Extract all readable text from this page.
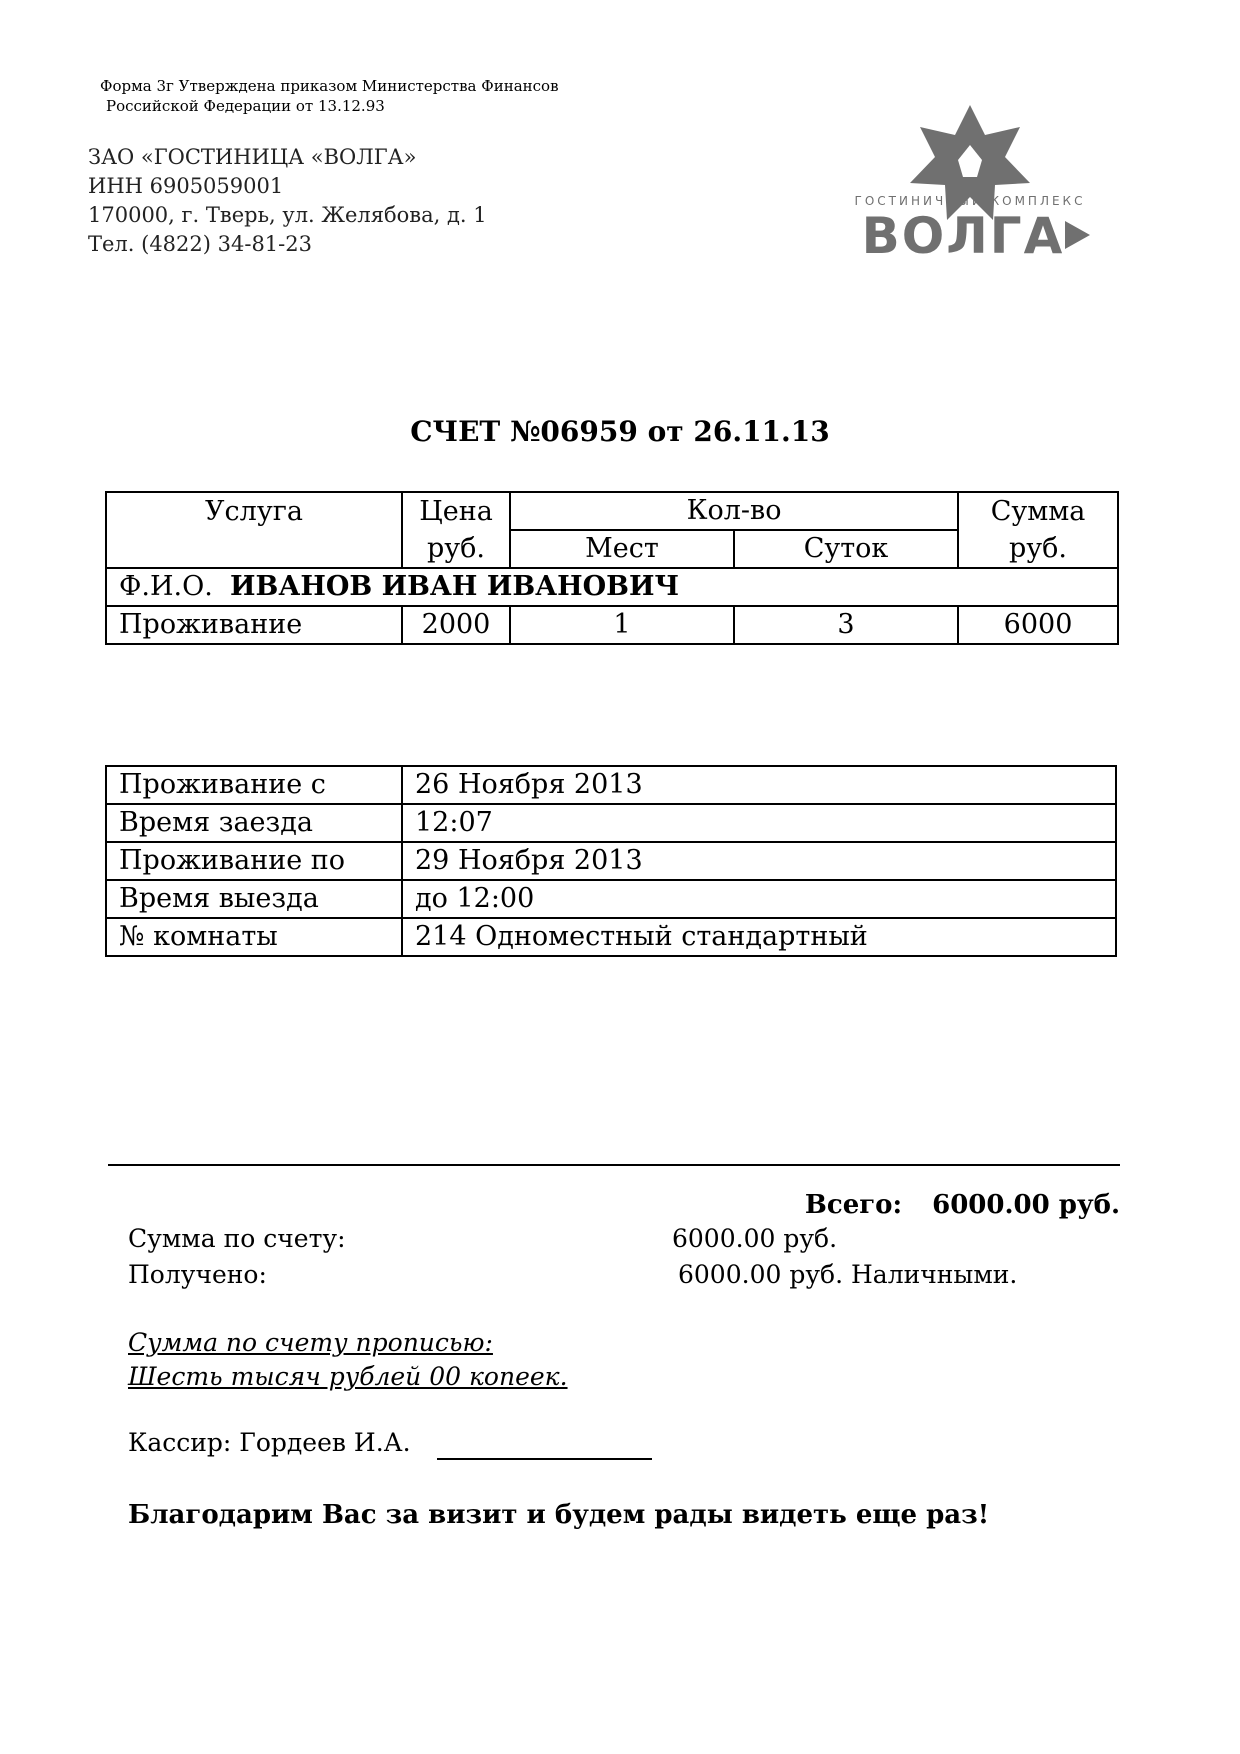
Форма 3г Утверждена приказом Министерства Финансов
Российской Федерации от 13.12.93
ЗАО «ГОСТИНИЦА «ВОЛГА»
ИНН 6905059001
170000, г. Тверь, ул. Желябова, д. 1
Тел. (4822) 34-81-23
ГОСТИНИЧНЫЙ КОМПЛЕКС
ВОЛГА
СЧЕТ №06959 от 26.11.13
Услуга	Цена	Кол-во		Сумма
	руб.	Мест	Суток	руб.
Ф.И.О. ИВАНОВ ИВАН ИВАНОВИЧ				
Проживание	2000	1	3	6000
Проживание с	26 Ноября 2013
Время заезда	12:07
Проживание по	29 Ноября 2013
Время выезда	до 12:00
№ комнаты	214 Одноместный стандартный
Всего: 6000.00 руб.
Сумма по счету:	6000.00 руб.
Получено:	6000.00 руб. Наличными.
Сумма по счету прописью:
Шесть тысяч рублей 00 копеек.
Кассир: Гордеев И.А.
Благодарим Вас за визит и будем рады видеть еще раз!
